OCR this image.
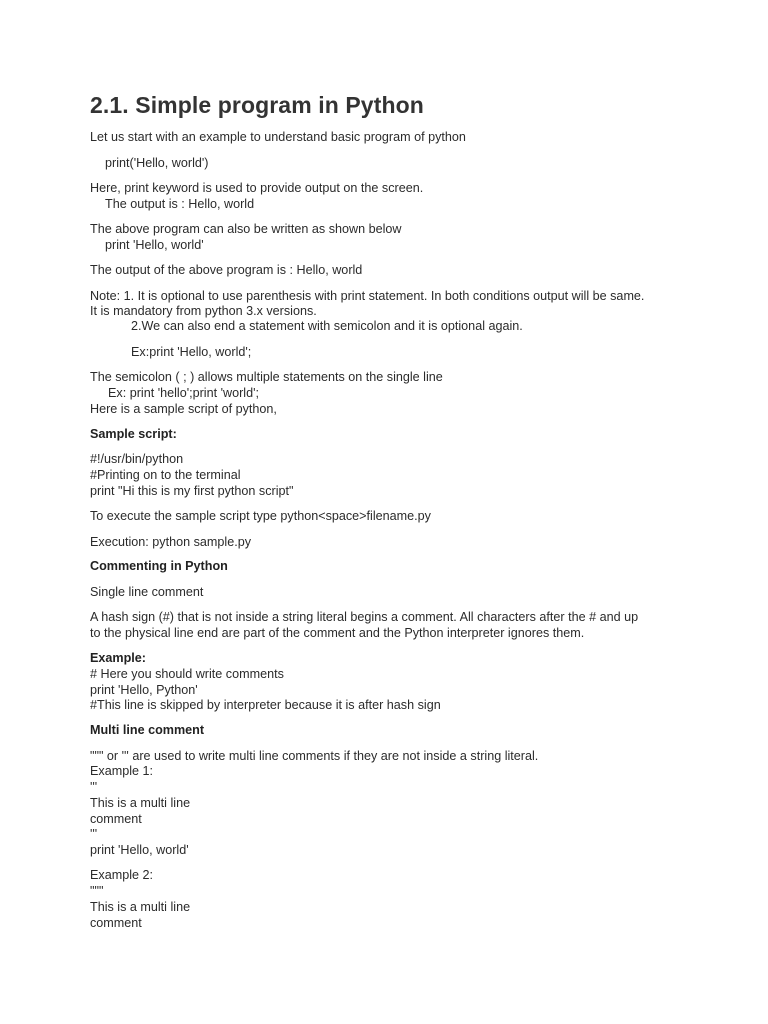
2.1. Simple program in Python

Let us start with an example to understand basic program of python

print('Hello, world')

Here, print keyword is used to provide output on the screen.

The output is : Hello, world

The above program can also be written as shown below

print 'Hello, world'

The output of the above program is : Hello, world

Note: 1. It is optional to use parenthesis with print statement. In both conditions output will be same.

It is mandatory from python 3.x versions.

2.We can also end a statement with semicolon and it is optional again.

Ex:print 'Hello, world';

The semicolon ( ; ) allows multiple statements on the single line

Ex: print 'hello';print 'world';

Here is a sample script of python,

Sample script:

#!/usr/bin/python

#Printing on to the terminal

print "Hi this is my first python script"

To execute the sample script type python<space>filename.py

Execution: python sample.py

Commenting in Python

Single line comment

A hash sign (#) that is not inside a string literal begins a comment. All characters after the # and up

to the physical line end are part of the comment and the Python interpreter ignores them.

Example:

# Here you should write comments

print 'Hello, Python'

#This line is skipped by interpreter because it is after hash sign

Multi line comment

""" or ''' are used to write multi line comments if they are not inside a string literal.

Example 1:

'''

This is a multi line

comment

'''

print 'Hello, world'

Example 2:

"""

This is a multi line

comment
